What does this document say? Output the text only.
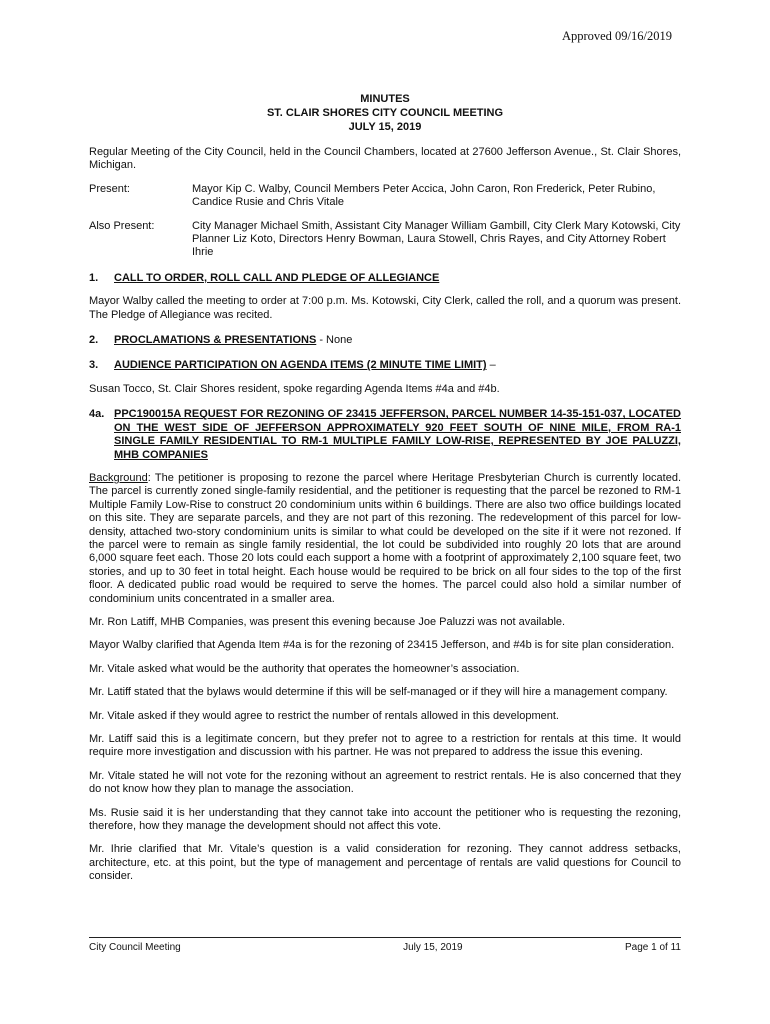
Approved 09/16/2019
MINUTES
ST. CLAIR SHORES CITY COUNCIL MEETING
JULY 15, 2019

Regular Meeting of the City Council, held in the Council Chambers, located at 27600 Jefferson Avenue., St. Clair Shores, Michigan.

Present:	Mayor Kip C. Walby, Council Members Peter Accica, John Caron, Ron Frederick, Peter Rubino, Candice Rusie and Chris Vitale
Also Present:	City Manager Michael Smith, Assistant City Manager William Gambill, City Clerk Mary Kotowski, City Planner Liz Koto, Directors Henry Bowman, Laura Stowell, Chris Rayes, and City Attorney Robert Ihrie
1.	CALL TO ORDER, ROLL CALL AND PLEDGE OF ALLEGIANCE

Mayor Walby called the meeting to order at 7:00 p.m. Ms. Kotowski, City Clerk, called the roll, and a quorum was present. The Pledge of Allegiance was recited.

2.	PROCLAMATIONS & PRESENTATIONS - None
3.	AUDIENCE PARTICIPATION ON AGENDA ITEMS (2 MINUTE TIME LIMIT) –

Susan Tocco, St. Clair Shores resident, spoke regarding Agenda Items #4a and #4b.

4a. PPC190015A REQUEST FOR REZONING OF 23415 JEFFERSON, PARCEL NUMBER 14-35-151-037, LOCATED ON THE WEST SIDE OF JEFFERSON APPROXIMATELY 920 FEET SOUTH OF NINE MILE, FROM RA-1 SINGLE FAMILY RESIDENTIAL TO RM-1 MULTIPLE FAMILY LOW-RISE, REPRESENTED BY JOE PALUZZI, MHB COMPANIES

Background: The petitioner is proposing to rezone the parcel where Heritage Presbyterian Church is currently located. The parcel is currently zoned single-family residential, and the petitioner is requesting that the parcel be rezoned to RM-1 Multiple Family Low-Rise to construct 20 condominium units within 6 buildings. There are also two office buildings located on this site. They are separate parcels, and they are not part of this rezoning. The redevelopment of this parcel for low-density, attached two-story condominium units is similar to what could be developed on the site if it were not rezoned. If the parcel were to remain as single family residential, the lot could be subdivided into roughly 20 lots that are around 6,000 square feet each. Those 20 lots could each support a home with a footprint of approximately 2,100 square feet, two stories, and up to 30 feet in total height. Each house would be required to be brick on all four sides to the top of the first floor. A dedicated public road would be required to serve the homes. The parcel could also hold a similar number of condominium units concentrated in a smaller area.

Mr. Ron Latiff, MHB Companies, was present this evening because Joe Paluzzi was not available.

Mayor Walby clarified that Agenda Item #4a is for the rezoning of 23415 Jefferson, and #4b is for site plan consideration.

Mr. Vitale asked what would be the authority that operates the homeowner’s association.

Mr. Latiff stated that the bylaws would determine if this will be self-managed or if they will hire a management company.

Mr. Vitale asked if they would agree to restrict the number of rentals allowed in this development.

Mr. Latiff said this is a legitimate concern, but they prefer not to agree to a restriction for rentals at this time. It would require more investigation and discussion with his partner. He was not prepared to address the issue this evening.

Mr. Vitale stated he will not vote for the rezoning without an agreement to restrict rentals. He is also concerned that they do not know how they plan to manage the association.

Ms. Rusie said it is her understanding that they cannot take into account the petitioner who is requesting the rezoning, therefore, how they manage the development should not affect this vote.

Mr. Ihrie clarified that Mr. Vitale’s question is a valid consideration for rezoning. They cannot address setbacks, architecture, etc. at this point, but the type of management and percentage of rentals are valid questions for Council to consider.

City Council Meeting	July 15, 2019	Page 1 of 11
